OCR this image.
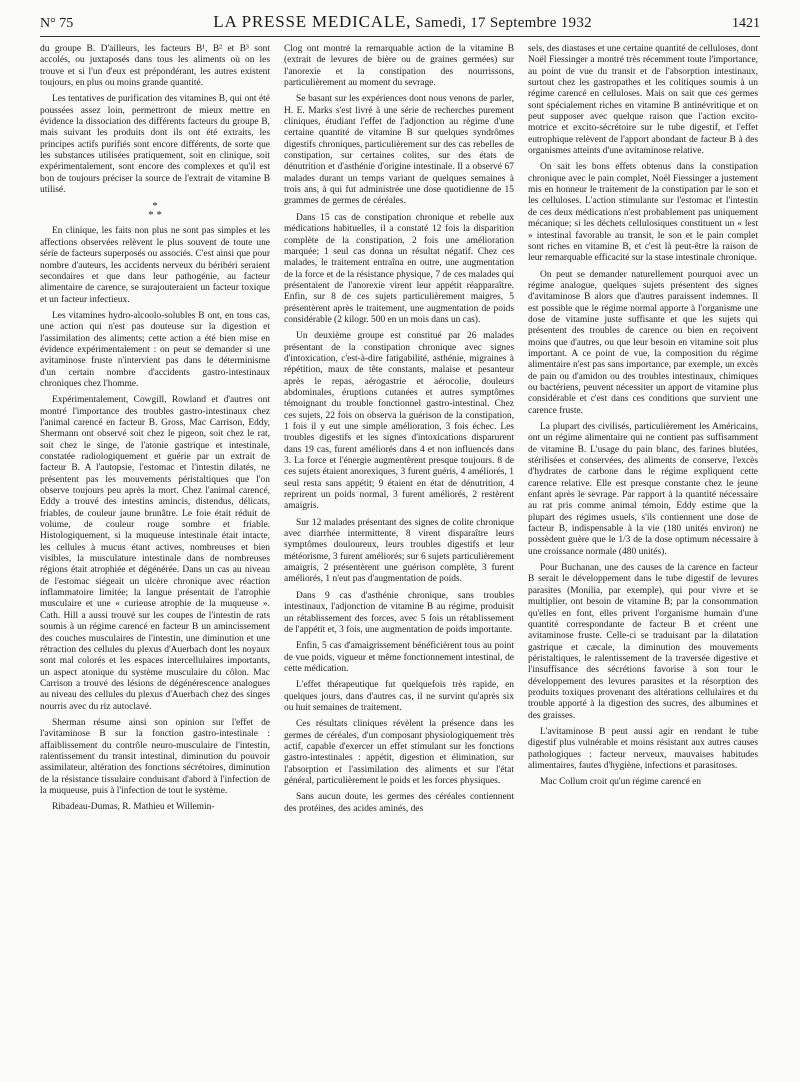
N° 75	LA PRESSE MEDICALE, Samedi, 17 Septembre 1932	1421

du groupe B. D'ailleurs, les facteurs B¹, B² et B³ sont accolés, ou juxtaposés dans tous les aliments où on les trouve et si l'un d'eux est prépondérant, les autres existent toujours, en plus ou moins grande quantité.

Les tentatives de purification des vitamines B, qui ont été poussées assez loin, permettront de mieux mettre en évidence la dissociation des différents facteurs du groupe B, mais suivant les produits dont ils ont été extraits, les principes actifs purifiés sont encore différents, de sorte que les substances utilisées pratiquement, soit en clinique, soit expérimentalement, sont encore des complexes et qu'il est bon de toujours préciser la source de l'extrait de vitamine B utilisé.

*
* *

En clinique, les faits non plus ne sont pas simples et les affections observées relèvent le plus souvent de toute une série de facteurs superposés ou associés. C'est ainsi que pour nombre d'auteurs, les accidents nerveux du béribéri seraient secondaires et que dans leur pathogénie, au facteur alimentaire de carence, se surajouteraient un facteur toxique et un facteur infectieux.

Les vitamines hydro-alcoolo-solubles B ont, en tous cas, une action qui n'est pas douteuse sur la digestion et l'assimilation des aliments; cette action a été bien mise en évidence expérimentalement : on peut se demander si une avitaminose fruste n'intervient pas dans le déterminisme d'un certain nombre d'accidents gastro-intestinaux chroniques chez l'homme.

Expérimentalement, Cowgill, Rowland et d'autres ont montré l'importance des troubles gastro-intestinaux chez l'animal carencé en facteur B. Gross, Mac Carrison, Eddy, Shermann ont observé soit chez le pigeon, soit chez le rat, soit chez le singe, de l'atonie gastrique et intestinale, constatée radiologiquement et guérie par un extrait de facteur B. A l'autopsie, l'estomac et l'intestin dilatés, ne présentent pas les mouvements péristaltiques que l'on observe toujours peu après la mort. Chez l'animal carencé, Eddy a trouvé des intestins amincis, distendus, délicats, friables, de couleur jaune brunâtre. Le foie était réduit de volume, de couleur rouge sombre et friable. Histologiquement, si la muqueuse intestinale était intacte, les cellules à mucus étant actives, nombreuses et bien visibles, la musculature intestinale dans de nombreuses régions était atrophiée et dégénérée. Dans un cas au niveau de l'estomac siégeait un ulcère chronique avec réaction inflammatoire limitée; la langue présentait de l'atrophie musculaire et une « curieuse atrophie de la muqueuse ». Cath. Hill a aussi trouvé sur les coupes de l'intestin de rats soumis à un régime carencé en facteur B un amincissement des couches musculaires de l'intestin, une diminution et une rétraction des cellules du plexus d'Auerbach dont les noyaux sont mal colorés et les espaces intercellulaires importants, un aspect atonique du système musculaire du côlon. Mac Carrison a trouvé des lésions de dégénérescence analogues au niveau des cellules du plexus d'Auerbach chez des singes nourris avec du riz autoclavé.

Sherman résume ainsi son opinion sur l'effet de l'avitaminose B sur la fonction gastro-intestinale : affaiblissement du contrôle neuro-musculaire de l'intestin, ralentissement du transit intestinal, diminution du pouvoir assimilateur, altération des fonctions sécrétoires, diminution de la résistance tissulaire conduisant d'abord à l'infection de la muqueuse, puis à l'infection de tout le système.

Ribadeau-Dumas, R. Mathieu et Willemin-

Clog ont montré la remarquable action de la vitamine B (extrait de levures de bière ou de graines germées) sur l'anorexie et la constipation des nourrissons, particulièrement au moment du sevrage.

Se basant sur les expériences dont nous venons de parler, H. E. Marks s'est livré à une série de recherches purement cliniques, étudiant l'effet de l'adjonction au régime d'une certaine quantité de vitamine B sur quelques syndrômes digestifs chroniques, particulièrement sur des cas rebelles de constipation, sur certaines colites, sur des états de dénutrition et d'asthénie d'origine intestinale. Il a observé 67 malades durant un temps variant de quelques semaines à trois ans, à qui fut administrée une dose quotidienne de 15 grammes de germes de céréales.

Dans 15 cas de constipation chronique et rebelle aux médications habituelles, il a constaté 12 fois la disparition complète de la constipation, 2 fois une amélioration marquée; 1 seul cas donna un résultat négatif. Chez ces malades, le traitement entraîna en outre, une augmentation de la force et de la résistance physique, 7 de ces malades qui présentaient de l'anorexie virent leur appétit réapparaître. Enfin, sur 8 de ces sujets particulièrement maigres, 5 présentèrent après le traitement, une augmentation de poids considérable (2 kilogr. 500 en un mois dans un cas).

Un deuxième groupe est constitué par 26 malades présentant de la constipation chronique avec signes d'intoxication, c'est-à-dire fatigabilité, asthénie, migraines à répétition, maux de tête constants, malaise et pesanteur après le repas, aérogastrie et aérocolie, douleurs abdominales, éruptions cutanées et autres symptômes témoignant du trouble fonctionnel gastro-intestinal. Chez ces sujets, 22 fois on observa la guérison de la constipation, 1 fois il y eut une simple amélioration, 3 fois échec. Les troubles digestifs et les signes d'intoxications disparurent dans 19 cas, furent améliorés dans 4 et non influencés dans 3. La force et l'énergie augmentèrent presque toujours. 8 de ces sujets étaient anorexiques, 3 furent guéris, 4 améliorés, 1 seul resta sans appétit; 9 étaient en état de dénutrition, 4 reprirent un poids normal, 3 furent améliorés, 2 restèrent amaigris.

Sur 12 malades présentant des signes de colite chronique avec diarrhée intermittente, 8 virent disparaître leurs symptômes douloureux, leurs troubles digestifs et leur météorisme, 3 furent améliorés; sur 6 sujets particulièrement amaigris, 2 présentèrent une guérison complète, 3 furent améliorés, 1 n'eut pas d'augmentation de poids.

Dans 9 cas d'asthénie chronique, sans troubles intestinaux, l'adjonction de vitamine B au régime, produisit un rétablissement des forces, avec 5 fois un rétablissement de l'appétit et, 3 fois, une augmentation de poids importante.

Enfin, 5 cas d'amaigrissement bénéficièrent tous au point de vue poids, vigueur et même fonctionnement intestinal, de cette médication.

L'effet thérapeutique fut quelquefois très rapide, en quelques jours, dans d'autres cas, il ne survint qu'après six ou huit semaines de traitement.

Ces résultats cliniques révèlent la présence dans les germes de céréales, d'un composant physiologiquement très actif, capable d'exercer un effet stimulant sur les fonctions gastro-intestinales : appétit, digestion et élimination, sur l'absorption et l'assimilation des aliments et sur l'état général, particulièrement le poids et les forces physiques.

Sans aucun doute, les germes des céréales contiennent des protéines, des acides aminés, des

sels, des diastases et une certaine quantité de celluloses, dont Noël Fiessinger a montré très récemment toute l'importance, au point de vue du transit et de l'absorption intestinaux, surtout chez les gastropathes et les colitiques soumis à un régime carencé en celluloses. Mais on sait que ces germes sont spécialement riches en vitamine B antinévritique et on peut supposer avec quelque raison que l'action excito-motrice et excito-sécrétoire sur le tube digestif, et l'effet eutrophique relèvent de l'apport abondant de facteur B à des organismes atteints d'une avitaminose relative.

On sait les bons effets obtenus dans la constipation chronique avec le pain complet, Noël Fiessinger a justement mis en honneur le traitement de la constipation par le son et les celluloses. L'action stimulante sur l'estomac et l'intestin de ces deux médications n'est probablement pas uniquement mécanique; si les déchets cellulosiques constituent un « lest » intestinal favorable au transit, le son et le pain complet sont riches en vitamine B, et c'est là peut-être la raison de leur remarquable efficacité sur la stase intestinale chronique.

On peut se demander naturellement pourquoi avec un régime analogue, quelques sujets présentent des signes d'avitaminose B alors que d'autres paraissent indemnes. Il est possible que le régime normal apporte à l'organisme une dose de vitamine juste suffisante et que les sujets qui présentent des troubles de carence ou bien en reçoivent moins que d'autres, ou que leur besoin en vitamine soit plus important. A ce point de vue, la composition du régime alimentaire n'est pas sans importance, par exemple, un excès de pain ou d'amidon ou des troubles intestinaux, chimiques ou bactériens, peuvent nécessiter un apport de vitamine plus considérable et c'est dans ces conditions que survient une carence fruste.

La plupart des civilisés, particulièrement les Américains, ont un régime alimentaire qui ne contient pas suffisamment de vitamine B. L'usage du pain blanc, des farines blutées, stérilisées et conservées, des aliments de conserve, l'excès d'hydrates de carbone dans le régime expliquent cette carence relative. Elle est presque constante chez le jeune enfant après le sevrage. Par rapport à la quantité nécessaire au rat pris comme animal témoin, Eddy estime que la plupart des régimes usuels, s'ils contiennent une dose de facteur B, indispensable à la vie (180 unités environ) ne possèdent guère que le 1/3 de la dose optimum nécessaire à une croissance normale (480 unités).

Pour Buchanan, une des causes de la carence en facteur B serait le développement dans le tube digestif de levures parasites (Monilia, par exemple), qui pour vivre et se multiplier, ont besoin de vitamine B; par la consommation qu'elles en font, elles privent l'organisme humain d'une quantité correspondante de facteur B et créent une avitaminose fruste. Celle-ci se traduisant par la dilatation gastrique et cæcale, la diminution des mouvements péristaltiques, le ralentissement de la traversée digestive et l'insuffisance des sécrétions favorise à son tour le développement des levures parasites et la résorption des produits toxiques provenant des altérations cellulaires et du trouble apporté à la digestion des sucres, des albumines et des graisses.

L'avitaminose B peut aussi agir en rendant le tube digestif plus vulnérable et moins résistant aux autres causes pathologiques : facteur nerveux, mauvaises habitudes alimentaires, fautes d'hygiène, infections et parasitoses.

Mac Collum croit qu'un régime carencé en
